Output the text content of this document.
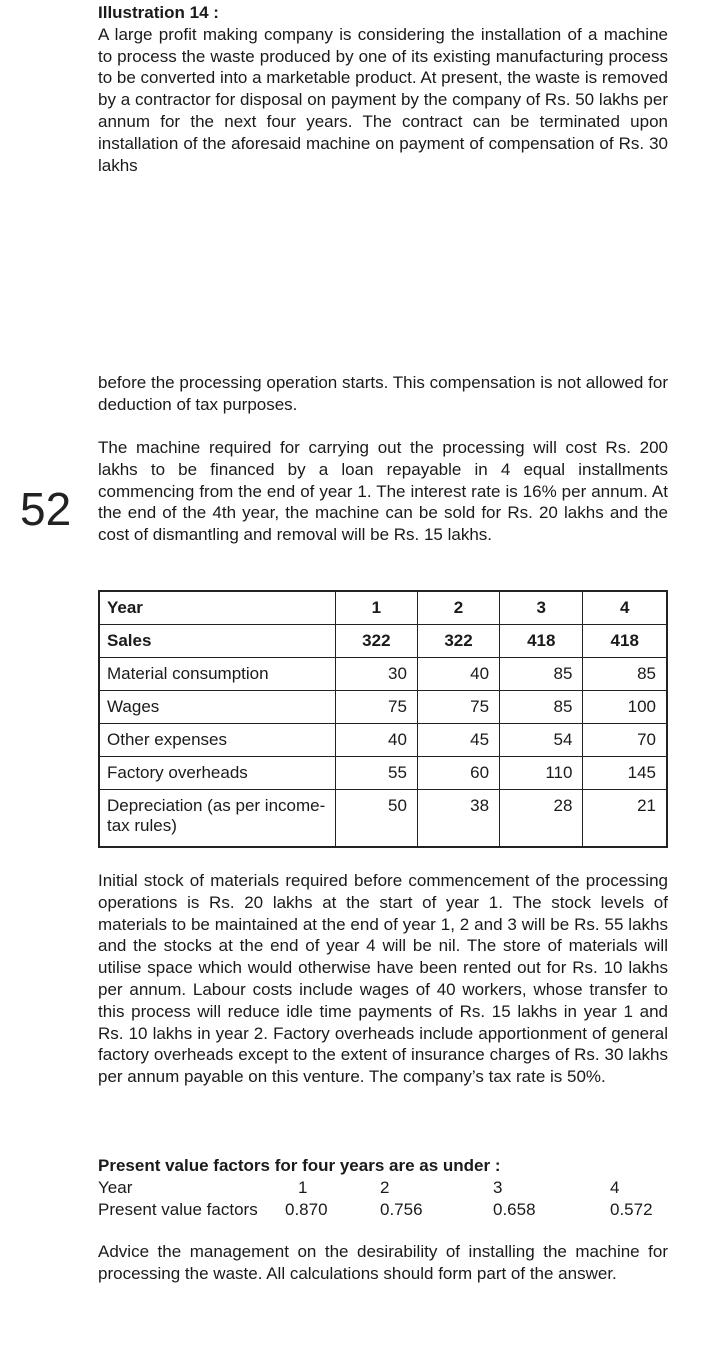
52
Illustration 14 :
A large profit making company is considering the installation of a machine to process the waste produced by one of its existing manufacturing process to be converted into a marketable product. At present, the waste is removed by a contractor for disposal on payment by the company of Rs. 50 lakhs per annum for the next four years. The contract can be terminated upon installation of the aforesaid machine on payment of compensation of Rs. 30 lakhs
before the processing operation starts. This compensation is not allowed for deduction of tax purposes.
The machine required for carrying out the processing will cost Rs. 200 lakhs to be financed by a loan repayable in 4 equal installments commencing from the end of year 1. The interest rate is 16% per annum. At the end of the 4th year, the machine can be sold for Rs. 20 lakhs and the cost of dismantling and removal will be Rs. 15 lakhs.
Year	1	2	3	4
Sales	322	322	418	418
Material consumption	30	40	85	85
Wages	75	75	85	100
Other expenses	40	45	54	70
Factory overheads	55	60	110	145
Depreciation (as per income-tax rules)	50	38	28	21
Initial stock of materials required before commencement of the processing operations is Rs. 20 lakhs at the start of year 1. The stock levels of materials to be maintained at the end of year 1, 2 and 3 will be Rs. 55 lakhs and the stocks at the end of year 4 will be nil. The store of materials will utilise space which would otherwise have been rented out for Rs. 10 lakhs per annum. Labour costs include wages of 40 workers, whose transfer to this process will reduce idle time payments of Rs. 15 lakhs in year 1 and Rs. 10 lakhs in year 2. Factory overheads include apportionment of general factory overheads except to the extent of insurance charges of Rs. 30 lakhs per annum payable on this venture. The company’s tax rate is 50%.
Present value factors for four years are as under :
Year	1	2	3	4
Present value factors 0.870	0.756	0.658	0.572
Advice the management on the desirability of installing the machine for processing the waste. All calculations should form part of the answer.
